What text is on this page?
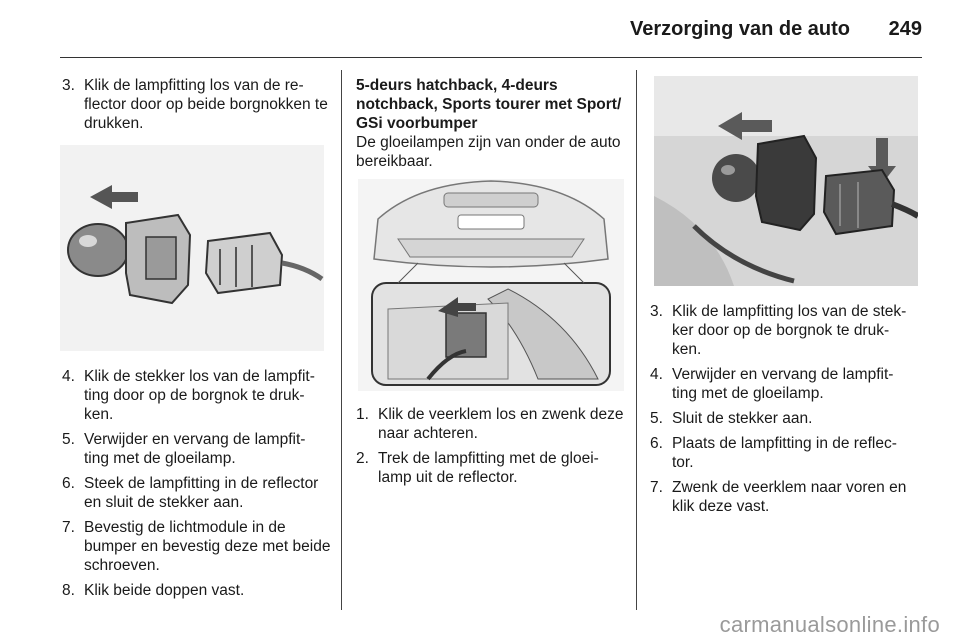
Verzorging van de auto	249
3. Klik de lampfitting los van de re- flector door op beide borgnokken te drukken.
4. Klik de stekker los van de lampfit- ting door op de borgnok te druk- ken.
5. Verwijder en vervang de lampfit- ting met de gloeilamp.
6. Steek de lampfitting in de reflector en sluit de stekker aan.
7. Bevestig de lichtmodule in de bumper en bevestig deze met beide schroeven.
8. Klik beide doppen vast.
5-deurs hatchback, 4-deurs notchback, Sports tourer met Sport/ GSi voorbumper

De gloeilampen zijn van onder de auto bereikbaar.

1. Klik de veerklem los en zwenk deze naar achteren.
2. Trek de lampfitting met de gloei- lamp uit de reflector.
3. Klik de lampfitting los van de stek- ker door op de borgnok te druk- ken.
4. Verwijder en vervang de lampfit- ting met de gloeilamp.
5. Sluit de stekker aan.
6. Plaats de lampfitting in de reflec- tor.
7. Zwenk de veerklem naar voren en klik deze vast.
carmanualsonline.info
